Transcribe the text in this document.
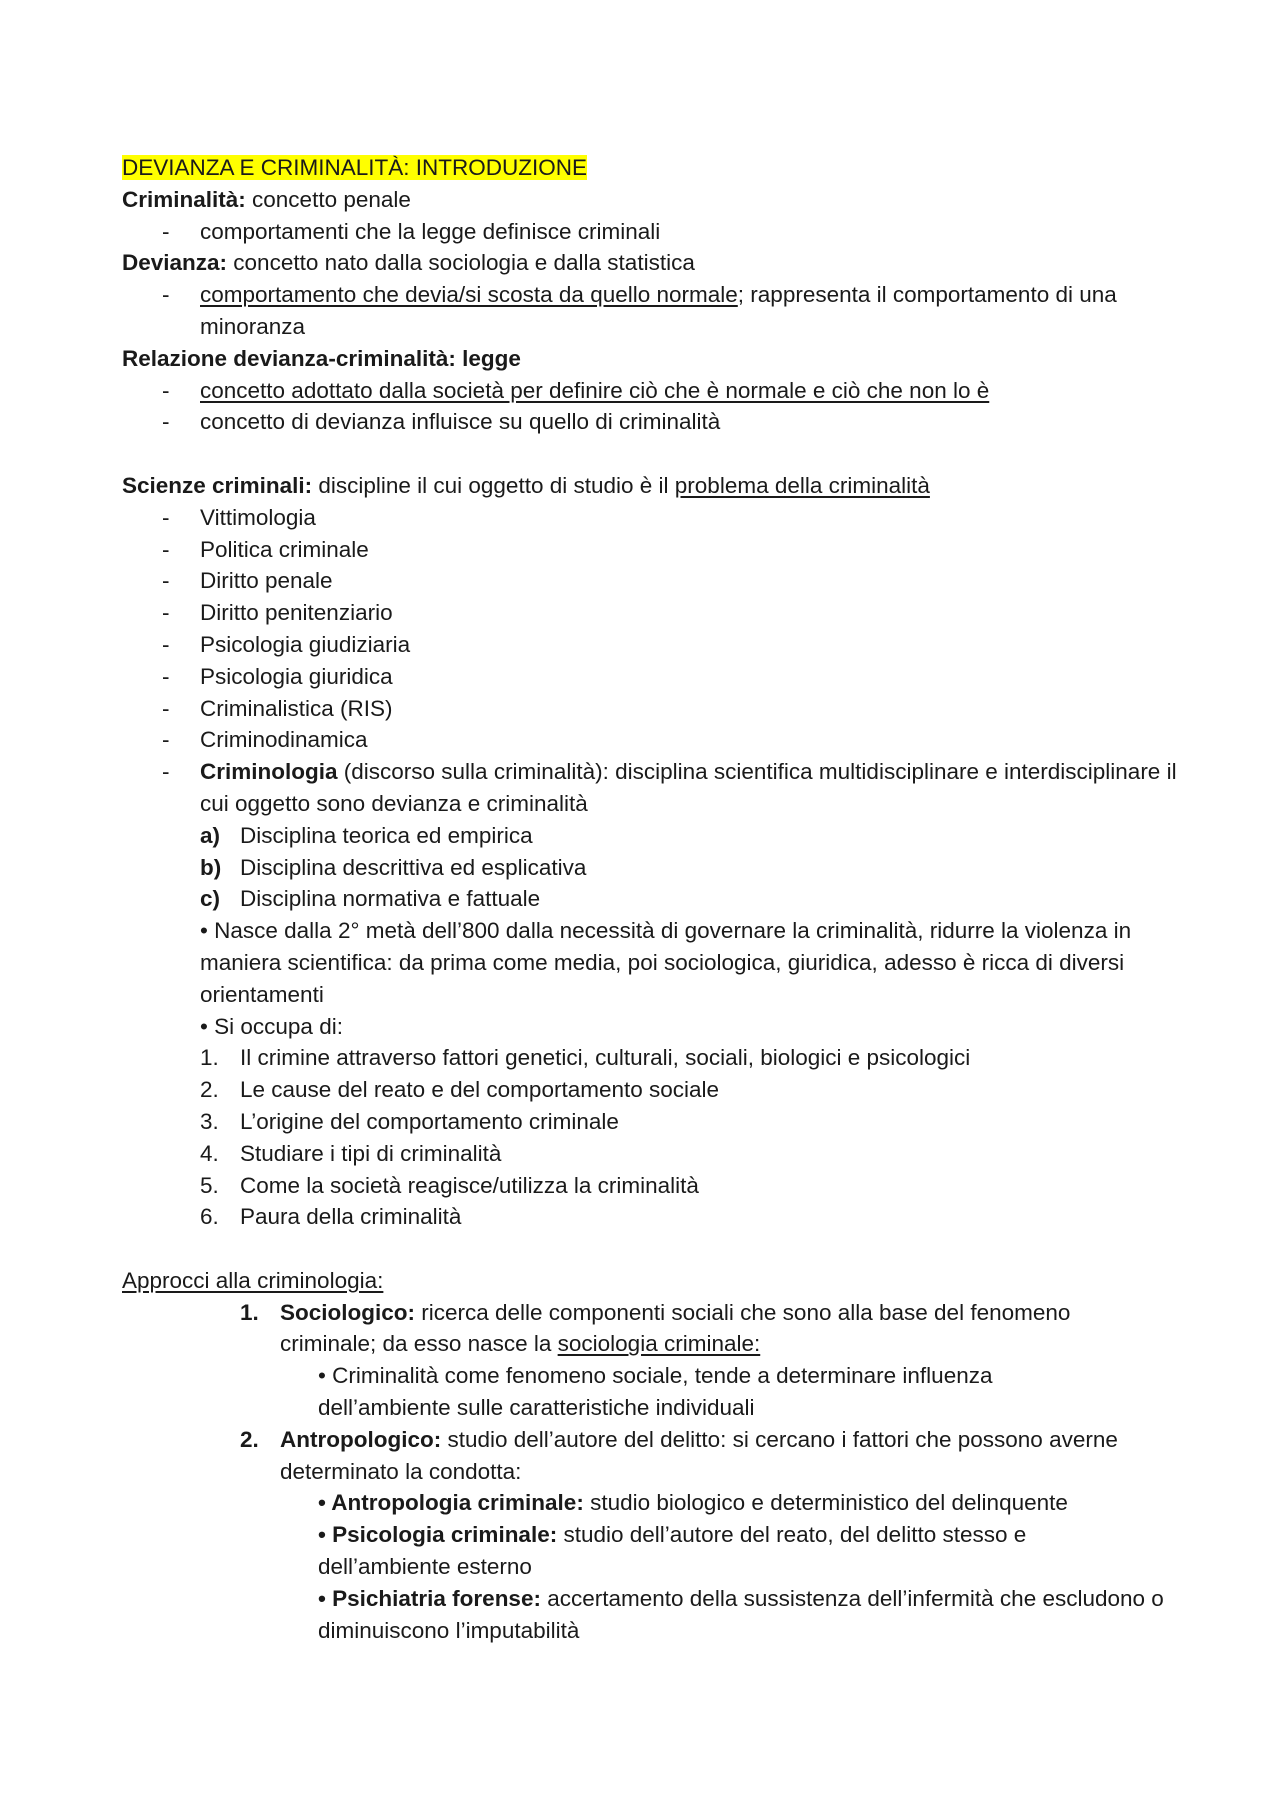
DEVIANZA E CRIMINALITÀ: INTRODUZIONE
Criminalità: concetto penale
-	comportamenti che la legge definisce criminali
Devianza: concetto nato dalla sociologia e dalla statistica
-	comportamento che devia/si scosta da quello normale; rappresenta il comportamento di una minoranza
Relazione devianza-criminalità: legge
-	concetto adottato dalla società per definire ciò che è normale e ciò che non lo è
-	concetto di devianza influisce su quello di criminalità
Scienze criminali: discipline il cui oggetto di studio è il problema della criminalità
-	Vittimologia
-	Politica criminale
-	Diritto penale
-	Diritto penitenziario
-	Psicologia giudiziaria
-	Psicologia giuridica
-	Criminalistica (RIS)
-	Criminodinamica
-	Criminologia (discorso sulla criminalità): disciplina scientifica multidisciplinare e interdisciplinare il cui oggetto sono devianza e criminalità
a) Disciplina teorica ed empirica
b) Disciplina descrittiva ed esplicativa
c) Disciplina normativa e fattuale
• Nasce dalla 2° metà dell’800 dalla necessità di governare la criminalità, ridurre la violenza in maniera scientifica: da prima come media, poi sociologica, giuridica, adesso è ricca di diversi orientamenti
• Si occupa di:
1. Il crimine attraverso fattori genetici, culturali, sociali, biologici e psicologici
2. Le cause del reato e del comportamento sociale
3. L’origine del comportamento criminale
4. Studiare i tipi di criminalità
5. Come la società reagisce/utilizza la criminalità
6. Paura della criminalità
Approcci alla criminologia:
1. Sociologico: ricerca delle componenti sociali che sono alla base del fenomeno criminale; da esso nasce la sociologia criminale:
• Criminalità come fenomeno sociale, tende a determinare influenza dell’ambiente sulle caratteristiche individuali
2. Antropologico: studio dell’autore del delitto: si cercano i fattori che possono averne determinato la condotta:
• Antropologia criminale: studio biologico e deterministico del delinquente
• Psicologia criminale: studio dell’autore del reato, del delitto stesso e dell’ambiente esterno
• Psichiatria forense: accertamento della sussistenza dell’infermità che escludono o diminuiscono l’imputabilità
